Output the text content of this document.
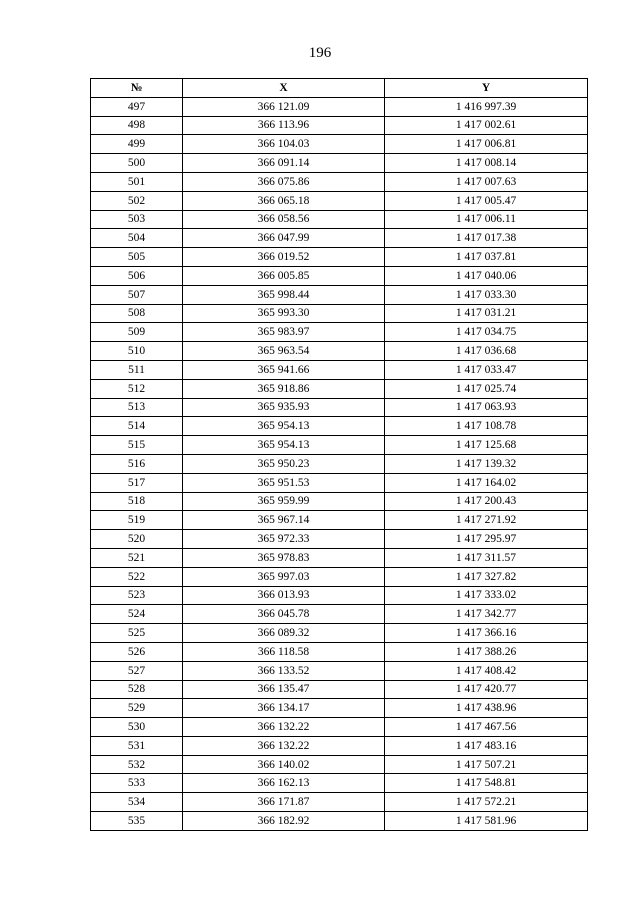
196
№	X	Y
497	366 121.09	1 416 997.39
498	366 113.96	1 417 002.61
499	366 104.03	1 417 006.81
500	366 091.14	1 417 008.14
501	366 075.86	1 417 007.63
502	366 065.18	1 417 005.47
503	366 058.56	1 417 006.11
504	366 047.99	1 417 017.38
505	366 019.52	1 417 037.81
506	366 005.85	1 417 040.06
507	365 998.44	1 417 033.30
508	365 993.30	1 417 031.21
509	365 983.97	1 417 034.75
510	365 963.54	1 417 036.68
511	365 941.66	1 417 033.47
512	365 918.86	1 417 025.74
513	365 935.93	1 417 063.93
514	365 954.13	1 417 108.78
515	365 954.13	1 417 125.68
516	365 950.23	1 417 139.32
517	365 951.53	1 417 164.02
518	365 959.99	1 417 200.43
519	365 967.14	1 417 271.92
520	365 972.33	1 417 295.97
521	365 978.83	1 417 311.57
522	365 997.03	1 417 327.82
523	366 013.93	1 417 333.02
524	366 045.78	1 417 342.77
525	366 089.32	1 417 366.16
526	366 118.58	1 417 388.26
527	366 133.52	1 417 408.42
528	366 135.47	1 417 420.77
529	366 134.17	1 417 438.96
530	366 132.22	1 417 467.56
531	366 132.22	1 417 483.16
532	366 140.02	1 417 507.21
533	366 162.13	1 417 548.81
534	366 171.87	1 417 572.21
535	366 182.92	1 417 581.96
